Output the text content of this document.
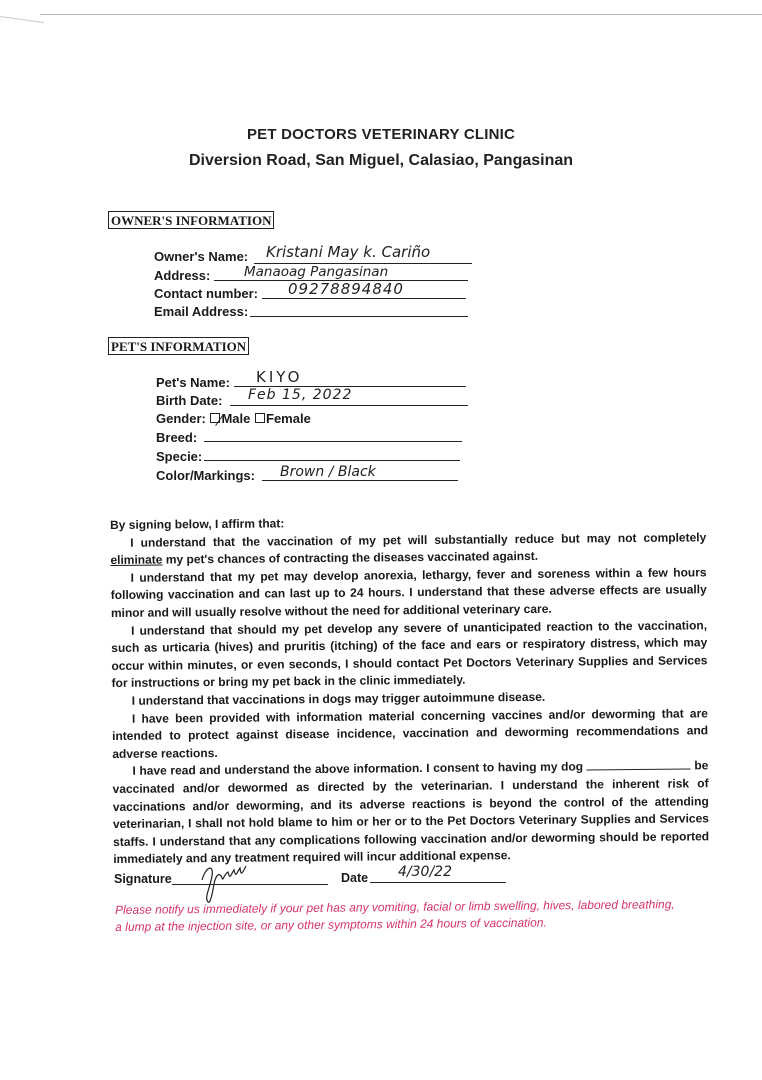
PET DOCTORS VETERINARY CLINIC
Diversion Road, San Miguel, Calasiao, Pangasinan
OWNER'S INFORMATION
Owner's Name: Kristani May k. Cariño
Address: Manaoag Pangasinan
Contact number: 09278894840
Email Address:
PET'S INFORMATION
Pet's Name: KIYO
Birth Date: Feb 15, 2022
Gender: Male Female
Breed:
Specie:
Color/Markings: Brown / Black

By signing below, I affirm that:

I understand that the vaccination of my pet will substantially reduce but may not completely eliminate my pet's chances of contracting the diseases vaccinated against.

I understand that my pet may develop anorexia, lethargy, fever and soreness within a few hours following vaccination and can last up to 24 hours. I understand that these adverse effects are usually minor and will usually resolve without the need for additional veterinary care.

I understand that should my pet develop any severe of unanticipated reaction to the vaccination, such as urticaria (hives) and pruritis (itching) of the face and ears or respiratory distress, which may occur within minutes, or even seconds, I should contact Pet Doctors Veterinary Supplies and Services for instructions or bring my pet back in the clinic immediately.

I understand that vaccinations in dogs may trigger autoimmune disease.

I have been provided with information material concerning vaccines and/or deworming that are intended to protect against disease incidence, vaccination and deworming recommendations and adverse reactions.

I have read and understand the above information. I consent to having my dog	be vaccinated and/or dewormed as directed by the veterinarian. I understand the inherent risk of vaccinations and/or deworming, and its adverse reactions is beyond the control of the attending veterinarian, I shall not hold blame to him or her or to the Pet Doctors Veterinary Supplies and Services staffs. I understand that any complications following vaccination and/or deworming should be reported immediately and any treatment required will incur additional expense.

Signature	Date 4/30/22
Please notify us immediately if your pet has any vomiting, facial or limb swelling, hives, labored breathing, a lump at the injection site, or any other symptoms within 24 hours of vaccination.
